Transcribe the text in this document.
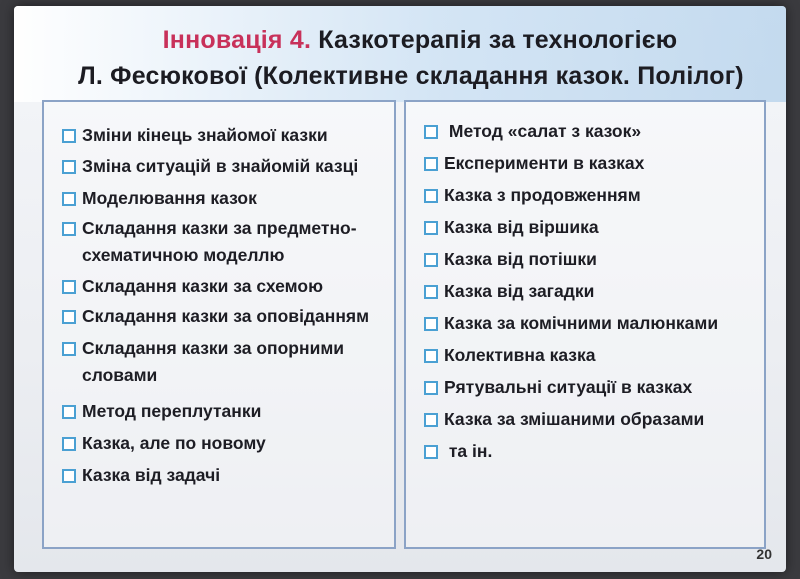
Інновація 4. Казкотерапія за технологією
Л. Фесюкової (Колективне складання казок. Полілог)
Зміни кінець знайомої казки
Зміна ситуацій в знайомій казці
Моделювання казок
Складання казки за предметно-
схематичною моделлю
Складання казки за схемою
Складання казки за оповіданням
Складання казки за опорними
словами
Метод переплутанки
Казка, але по новому
Казка від задачі
Метод «салат з казок»
Експерименти в казках
Казка з продовженням
Казка від віршика
Казка від потішки
Казка від загадки
Казка за комічними малюнками
Колективна казка
Рятувальні ситуації в казках
Казка за змішаними образами
та ін.
20
